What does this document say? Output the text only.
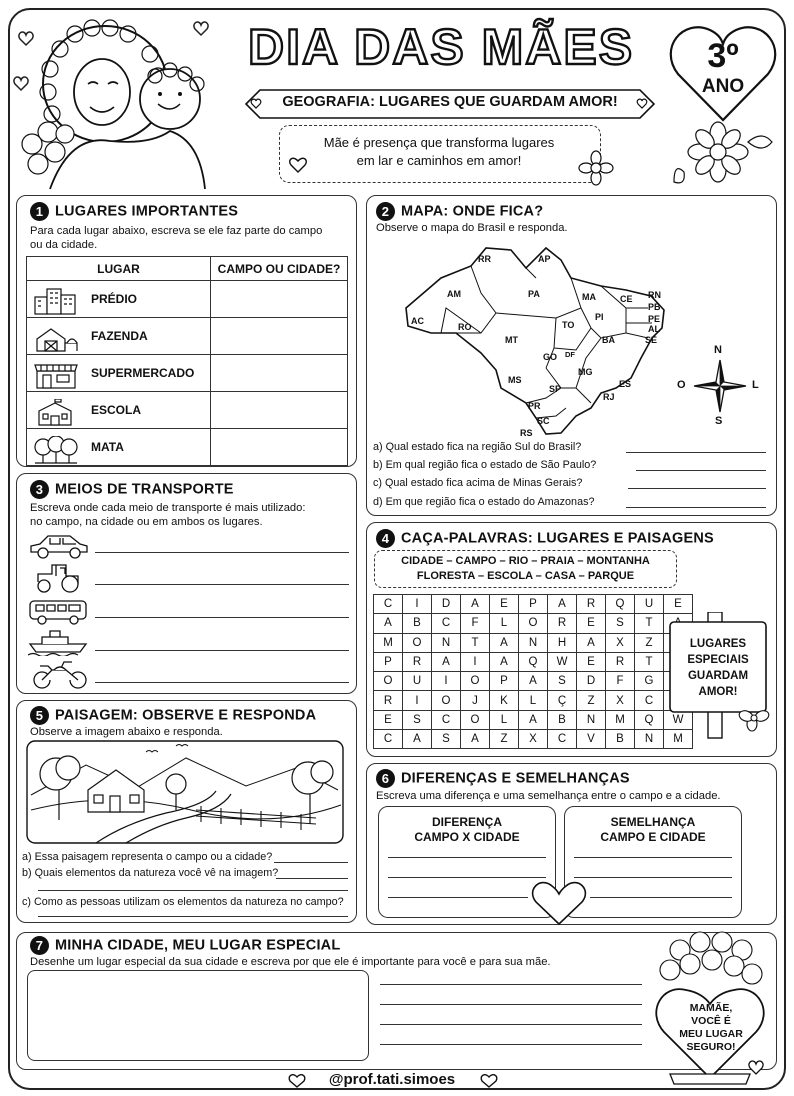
DIA DAS MÃES
GEOGRAFIA: LUGARES QUE GUARDAM AMOR!
Mãe é presença que transforma lugares
em lar e caminhos em amor!
3º
ANO
1 LUGARES IMPORTANTES
Para cada lugar abaixo, escreva se ele faz parte do campo
ou da cidade.
LUGAR	CAMPO OU CIDADE?

PRÉDIO	

FAZENDA	

SUPERMERCADO	

ESCOLA	

MATA	
2 MAPA: ONDE FICA?
Observe o mapa do Brasil e responda.
RR	AP
AM	PA	MA	CE RN
PB
PE
AL
SE
PI
TO
BA
AC
RO
MT
GO DF
MG
ES
RJ
SP
MS
PR
SC
RS
N
S
O	L
a) Qual estado fica na região Sul do Brasil?
b) Em qual região fica o estado de São Paulo?
c) Qual estado fica acima de Minas Gerais?
d) Em que região fica o estado do Amazonas?
3 MEIOS DE TRANSPORTE
Escreva onde cada meio de transporte é mais utilizado:
no campo, na cidade ou em ambos os lugares.
4 CAÇA-PALAVRAS: LUGARES E PAISAGENS
CIDADE – CAMPO – RIO – PRAIA – MONTANHA
FLORESTA – ESCOLA – CASA – PARQUE
C	I	D	A	E	P	A	R	Q	U	E
A	B	C	F	L	O	R	E	S	T	
M	O	N	T	A	N	H	A	X	Z	
P	R	A	I	A	Q	W	E	R	T	
O	U	I	O	P	A	S	D	F	G	
R	I	O	J	K	L	Ç	Z	X	C	
E	S	C	O	L	A	B	N	M	Q	W
C	A	S	A	Z	X	C	V	B	N	M
LUGARES
ESPECIAIS
GUARDAM
AMOR!
5 PAISAGEM: OBSERVE E RESPONDA
Observe a imagem abaixo e responda.
a) Essa paisagem representa o campo ou a cidade?
b) Quais elementos da natureza você vê na imagem?
c) Como as pessoas utilizam os elementos da natureza no campo?
6 DIFERENÇAS E SEMELHANÇAS
Escreva uma diferença e uma semelhança entre o campo e a cidade.
DIFERENÇA
CAMPO X CIDADE
SEMELHANÇA
CAMPO E CIDADE
7 MINHA CIDADE, MEU LUGAR ESPECIAL
Desenhe um lugar especial da sua cidade e escreva por que ele é importante para você e para sua mãe.
MAMÃE,
VOCÊ É
MEU LUGAR
SEGURO!
@prof.tati.simoes
